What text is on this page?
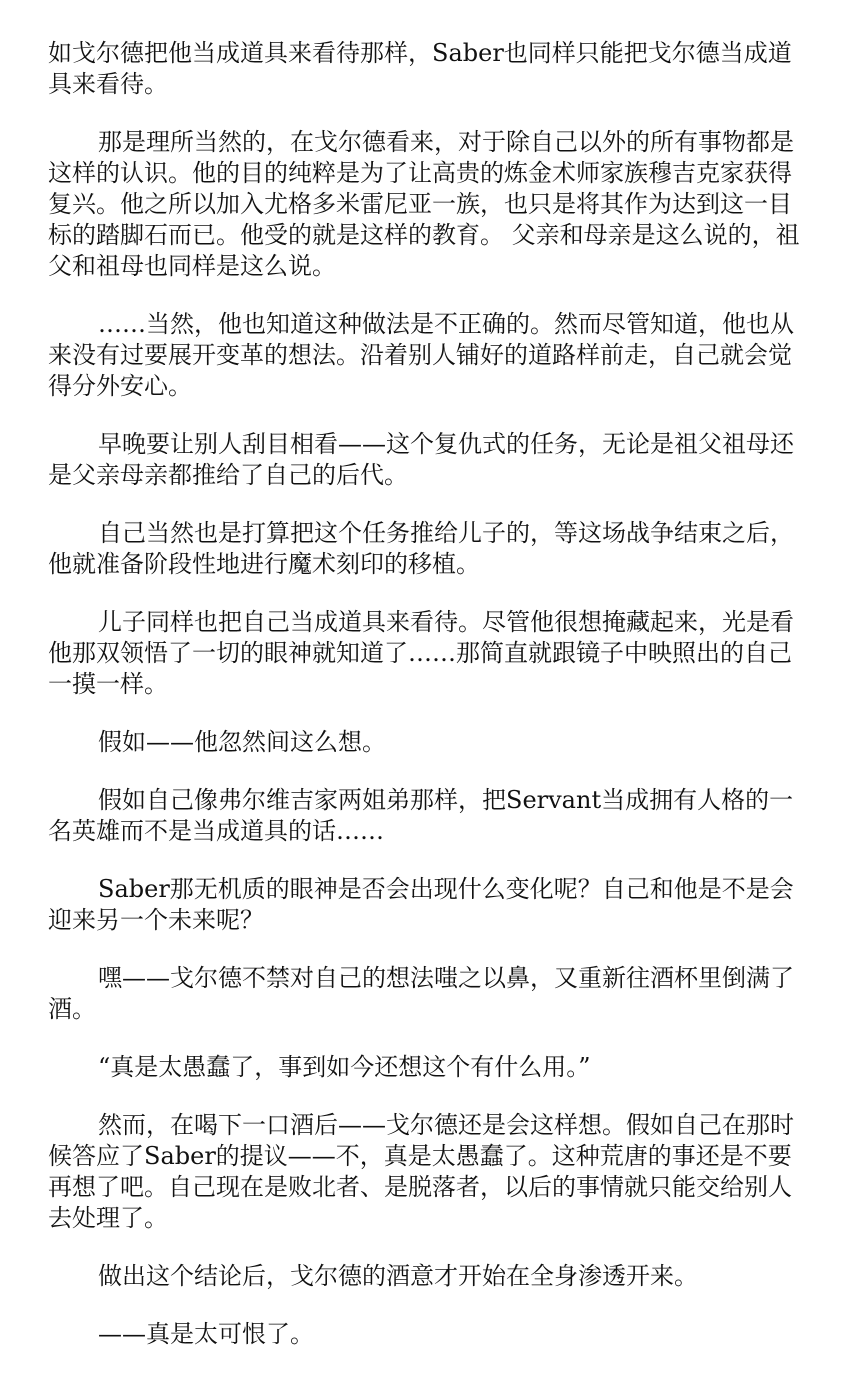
如戈尔德把他当成道具来看待那样，Saber也同样只能把戈尔德当成道具来看待。

那是理所当然的，在戈尔德看来，对于除自己以外的所有事物都是这样的认识。他的目的纯粹是为了让高贵的炼金术师家族穆吉克家获得复兴。他之所以加入尤格多米雷尼亚一族，也只是将其作为达到这一目标的踏脚石而已。他受的就是这样的教育。 父亲和母亲是这么说的，祖父和祖母也同样是这么说。

……当然，他也知道这种做法是不正确的。然而尽管知道，他也从来没有过要展开变革的想法。沿着别人铺好的道路样前走，自己就会觉得分外安心。

早晚要让别人刮目相看——这个复仇式的任务，无论是祖父祖母还是父亲母亲都推给了自己的后代。

自己当然也是打算把这个任务推给儿子的，等这场战争结束之后，他就准备阶段性地进行魔术刻印的移植。

儿子同样也把自己当成道具来看待。尽管他很想掩藏起来，光是看他那双领悟了一切的眼神就知道了……那简直就跟镜子中映照出的自己一摸一样。

假如——他忽然间这么想。

假如自己像弗尔维吉家两姐弟那样，把Servant当成拥有人格的一名英雄而不是当成道具的话……

Saber那无机质的眼神是否会出现什么变化呢？自己和他是不是会迎来另一个未来呢？

嘿——戈尔德不禁对自己的想法嗤之以鼻，又重新往酒杯里倒满了酒。

“真是太愚蠢了，事到如今还想这个有什么用。”

然而，在喝下一口酒后——戈尔德还是会这样想。假如自己在那时候答应了Saber的提议——不，真是太愚蠢了。这种荒唐的事还是不要再想了吧。自己现在是败北者、是脱落者，以后的事情就只能交给别人去处理了。

做出这个结论后，戈尔德的酒意才开始在全身渗透开来。

——真是太可恨了。
